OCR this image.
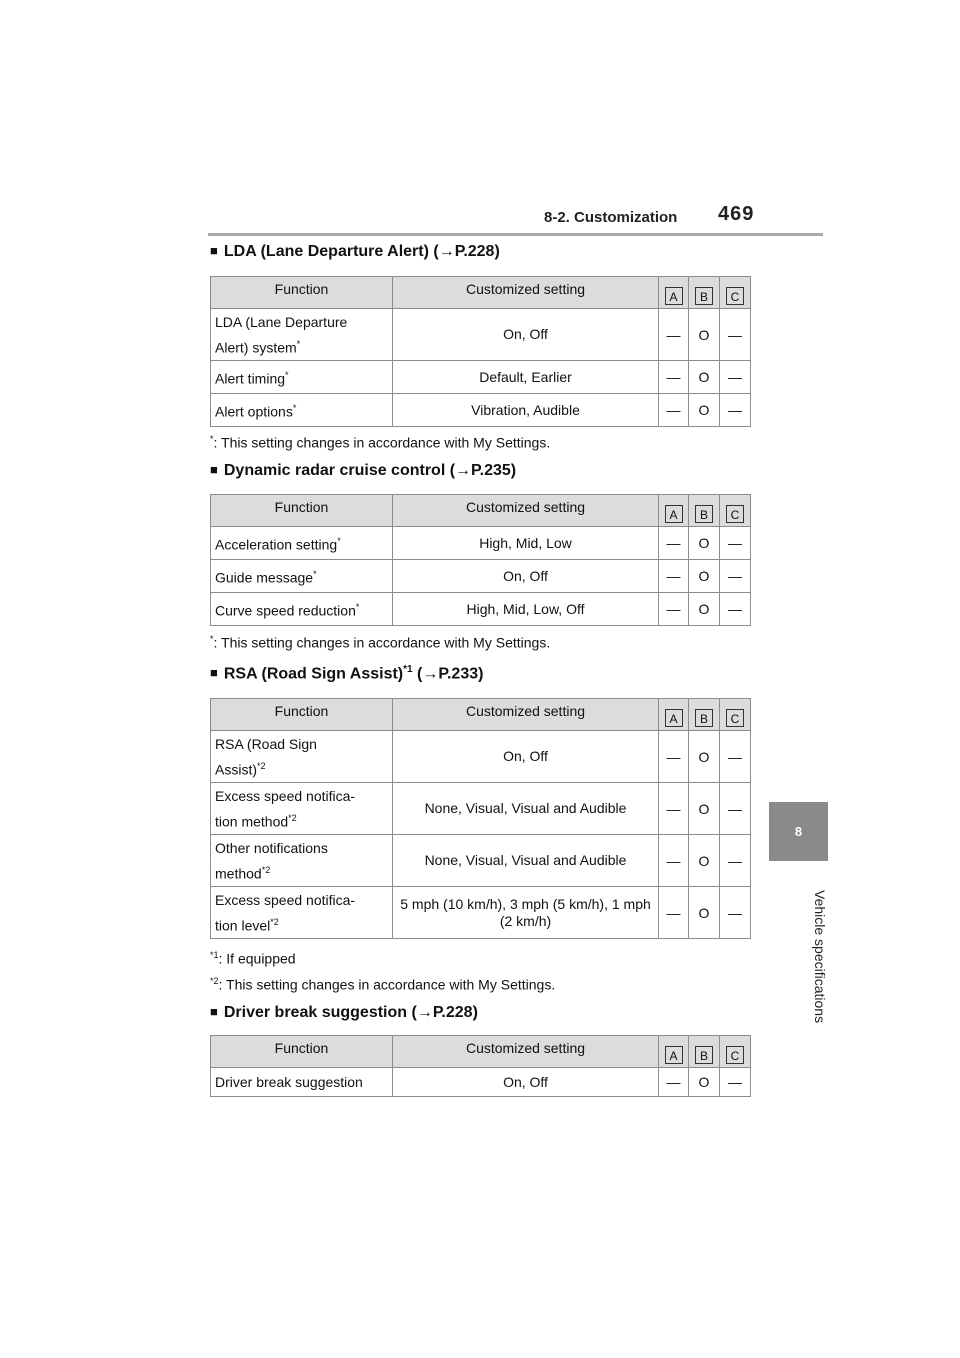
8-2. Customization 469
8
Vehicle specifications
■ LDA (Lane Departure Alert) (→P.228)
Function	Customized setting	A	B	C
LDA (Lane Departure
Alert) system*	On, Off	—	O	—
Alert timing*	Default, Earlier	—	O	—
Alert options*	Vibration, Audible	—	O	—
*: This setting changes in accordance with My Settings.
■ Dynamic radar cruise control (→P.235)
Function	Customized setting	A	B	C
Acceleration setting*	High, Mid, Low	—	O	—
Guide message*	On, Off	—	O	—
Curve speed reduction*	High, Mid, Low, Off	—	O	—
*: This setting changes in accordance with My Settings.
■ RSA (Road Sign Assist)$^{*1}$ (→P.233)
Function	Customized setting	A	B	C
RSA (Road Sign
Assist)$^{*2}$	On, Off	—	O	—
Excess speed notifica-
tion method$^{*2}$	None, Visual, Visual and Audible	—	O	—
Other notifications
method$^{*2}$	None, Visual, Visual and Audible	—	O	—
Excess speed notifica-
tion level$^{*2}$	5 mph (10 km/h), 3 mph (5 km/h), 1 mph (2 km/h)	—	O	—
$^{*1}$: If equipped
$^{*2}$: This setting changes in accordance with My Settings.
■ Driver break suggestion (→P.228)
Function	Customized setting	A	B	C
Driver break suggestion	On, Off	—	O	—
